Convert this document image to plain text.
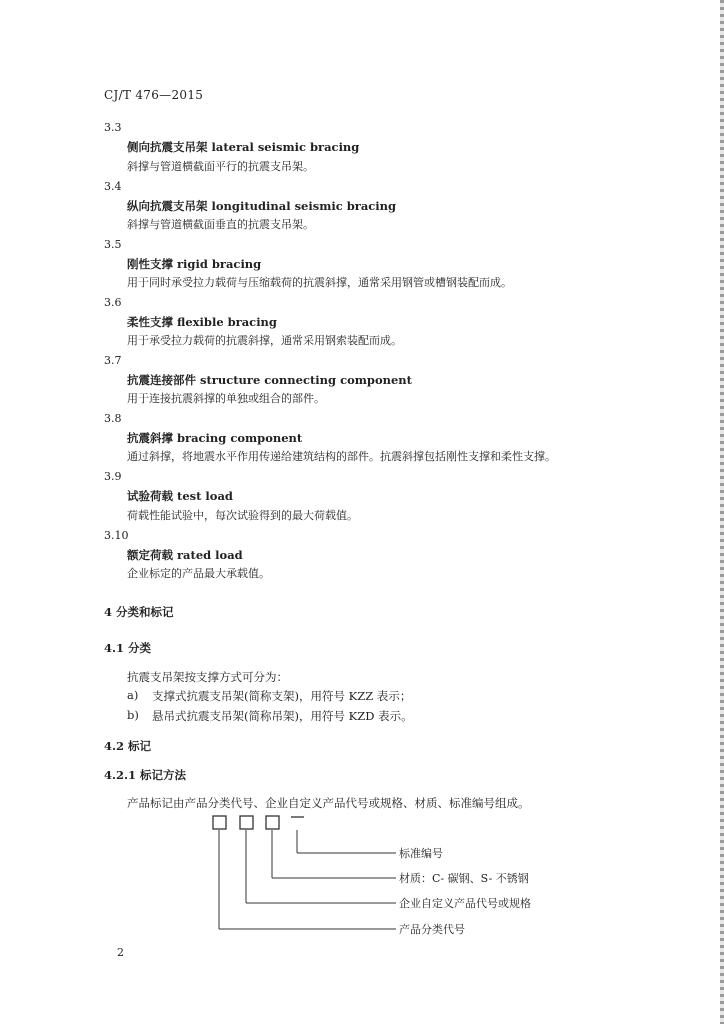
CJ/T 476—2015
3.3
侧向抗震支吊架 lateral seismic bracing
斜撑与管道横截面平行的抗震支吊架。
3.4
纵向抗震支吊架 longitudinal seismic bracing
斜撑与管道横截面垂直的抗震支吊架。
3.5
刚性支撑 rigid bracing
用于同时承受拉力载荷与压缩载荷的抗震斜撑，通常采用钢管或槽钢装配而成。
3.6
柔性支撑 flexible bracing
用于承受拉力载荷的抗震斜撑，通常采用钢索装配而成。
3.7
抗震连接部件 structure connecting component
用于连接抗震斜撑的单独或组合的部件。
3.8
抗震斜撑 bracing component
通过斜撑，将地震水平作用传递给建筑结构的部件。抗震斜撑包括刚性支撑和柔性支撑。
3.9
试验荷载 test load
荷载性能试验中，每次试验得到的最大荷载值。
3.10
额定荷载 rated load
企业标定的产品最大承载值。
4 分类和标记
4.1 分类
抗震支吊架按支撑方式可分为：
a) 支撑式抗震支吊架(简称支架)，用符号 KZZ 表示；
b) 悬吊式抗震支吊架(简称吊架)，用符号 KZD 表示。
4.2 标记
4.2.1 标记方法
产品标记由产品分类代号、企业自定义产品代号或规格、材质、标准编号组成。
标准编号
材质：C- 碳钢、S- 不锈钢
企业自定义产品代号或规格
产品分类代号
2
